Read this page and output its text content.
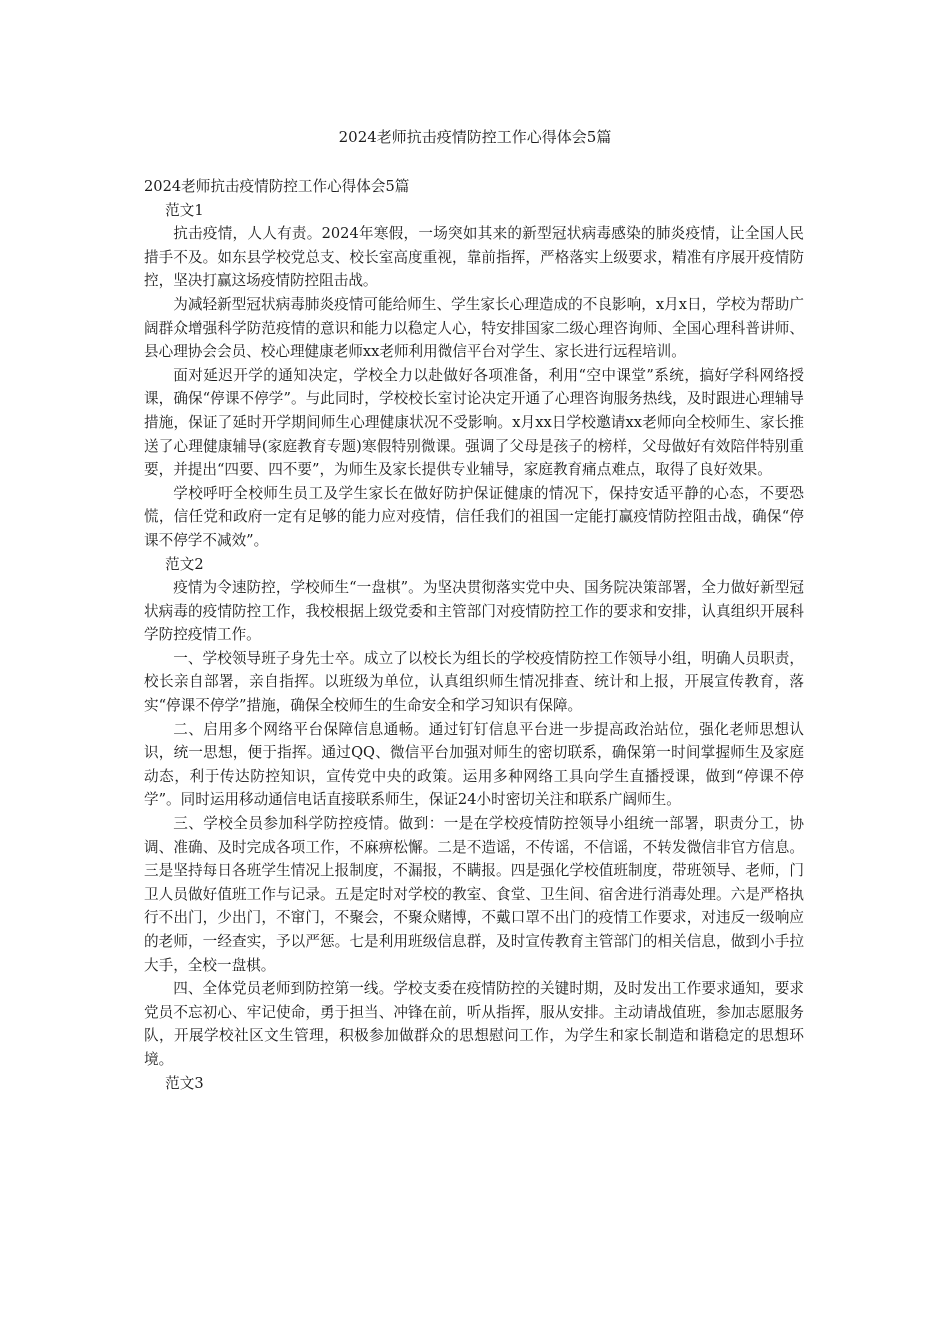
2024老师抗击疫情防控工作心得体会5篇

2024老师抗击疫情防控工作心得体会5篇

范文1

抗击疫情，人人有责。2024年寒假，一场突如其来的新型冠状病毒感染的肺炎疫情，让全国人民措手不及。如东县学校党总支、校长室高度重视，靠前指挥，严格落实上级要求，精准有序展开疫情防控，坚决打赢这场疫情防控阻击战。

为减轻新型冠状病毒肺炎疫情可能给师生、学生家长心理造成的不良影响，x月x日，学校为帮助广阔群众增强科学防范疫情的意识和能力以稳定人心，特安排国家二级心理咨询师、全国心理科普讲师、县心理协会会员、校心理健康老师xx老师利用微信平台对学生、家长进行远程培训。

面对延迟开学的通知决定，学校全力以赴做好各项准备，利用“空中课堂”系统，搞好学科网络授课，确保“停课不停学”。与此同时，学校校长室讨论决定开通了心理咨询服务热线，及时跟进心理辅导措施，保证了延时开学期间师生心理健康状况不受影响。x月xx日学校邀请xx老师向全校师生、家长推送了心理健康辅导(家庭教育专题)寒假特别微课。强调了父母是孩子的榜样，父母做好有效陪伴特别重要，并提出“四要、四不要”，为师生及家长提供专业辅导，家庭教育痛点难点，取得了良好效果。

学校呼吁全校师生员工及学生家长在做好防护保证健康的情况下，保持安适平静的心态，不要恐慌，信任党和政府一定有足够的能力应对疫情，信任我们的祖国一定能打赢疫情防控阻击战，确保“停课不停学不减效”。

范文2

疫情为令速防控，学校师生“一盘棋”。为坚决贯彻落实党中央、国务院决策部署，全力做好新型冠状病毒的疫情防控工作，我校根据上级党委和主管部门对疫情防控工作的要求和安排，认真组织开展科学防控疫情工作。

一、学校领导班子身先士卒。成立了以校长为组长的学校疫情防控工作领导小组，明确人员职责，校长亲自部署，亲自指挥。以班级为单位，认真组织师生情况排查、统计和上报，开展宣传教育，落实“停课不停学”措施，确保全校师生的生命安全和学习知识有保障。

二、启用多个网络平台保障信息通畅。通过钉钉信息平台进一步提高政治站位，强化老师思想认识，统一思想，便于指挥。通过QQ、微信平台加强对师生的密切联系，确保第一时间掌握师生及家庭动态，利于传达防控知识，宣传党中央的政策。运用多种网络工具向学生直播授课，做到“停课不停学”。同时运用移动通信电话直接联系师生，保证24小时密切关注和联系广阔师生。

三、学校全员参加科学防控疫情。做到：一是在学校疫情防控领导小组统一部署，职责分工，协调、准确、及时完成各项工作，不麻痹松懈。二是不造谣，不传谣，不信谣，不转发微信非官方信息。三是坚持每日各班学生情况上报制度，不漏报，不瞒报。四是强化学校值班制度，带班领导、老师，门卫人员做好值班工作与记录。五是定时对学校的教室、食堂、卫生间、宿舍进行消毒处理。六是严格执行不出门，少出门，不窜门，不聚会，不聚众赌博，不戴口罩不出门的疫情工作要求，对违反一级响应的老师，一经查实，予以严惩。七是利用班级信息群，及时宣传教育主管部门的相关信息，做到小手拉大手，全校一盘棋。

四、全体党员老师到防控第一线。学校支委在疫情防控的关键时期，及时发出工作要求通知，要求党员不忘初心、牢记使命，勇于担当、冲锋在前，听从指挥，服从安排。主动请战值班，参加志愿服务队，开展学校社区文生管理，积极参加做群众的思想慰问工作，为学生和家长制造和谐稳定的思想环境。

范文3
